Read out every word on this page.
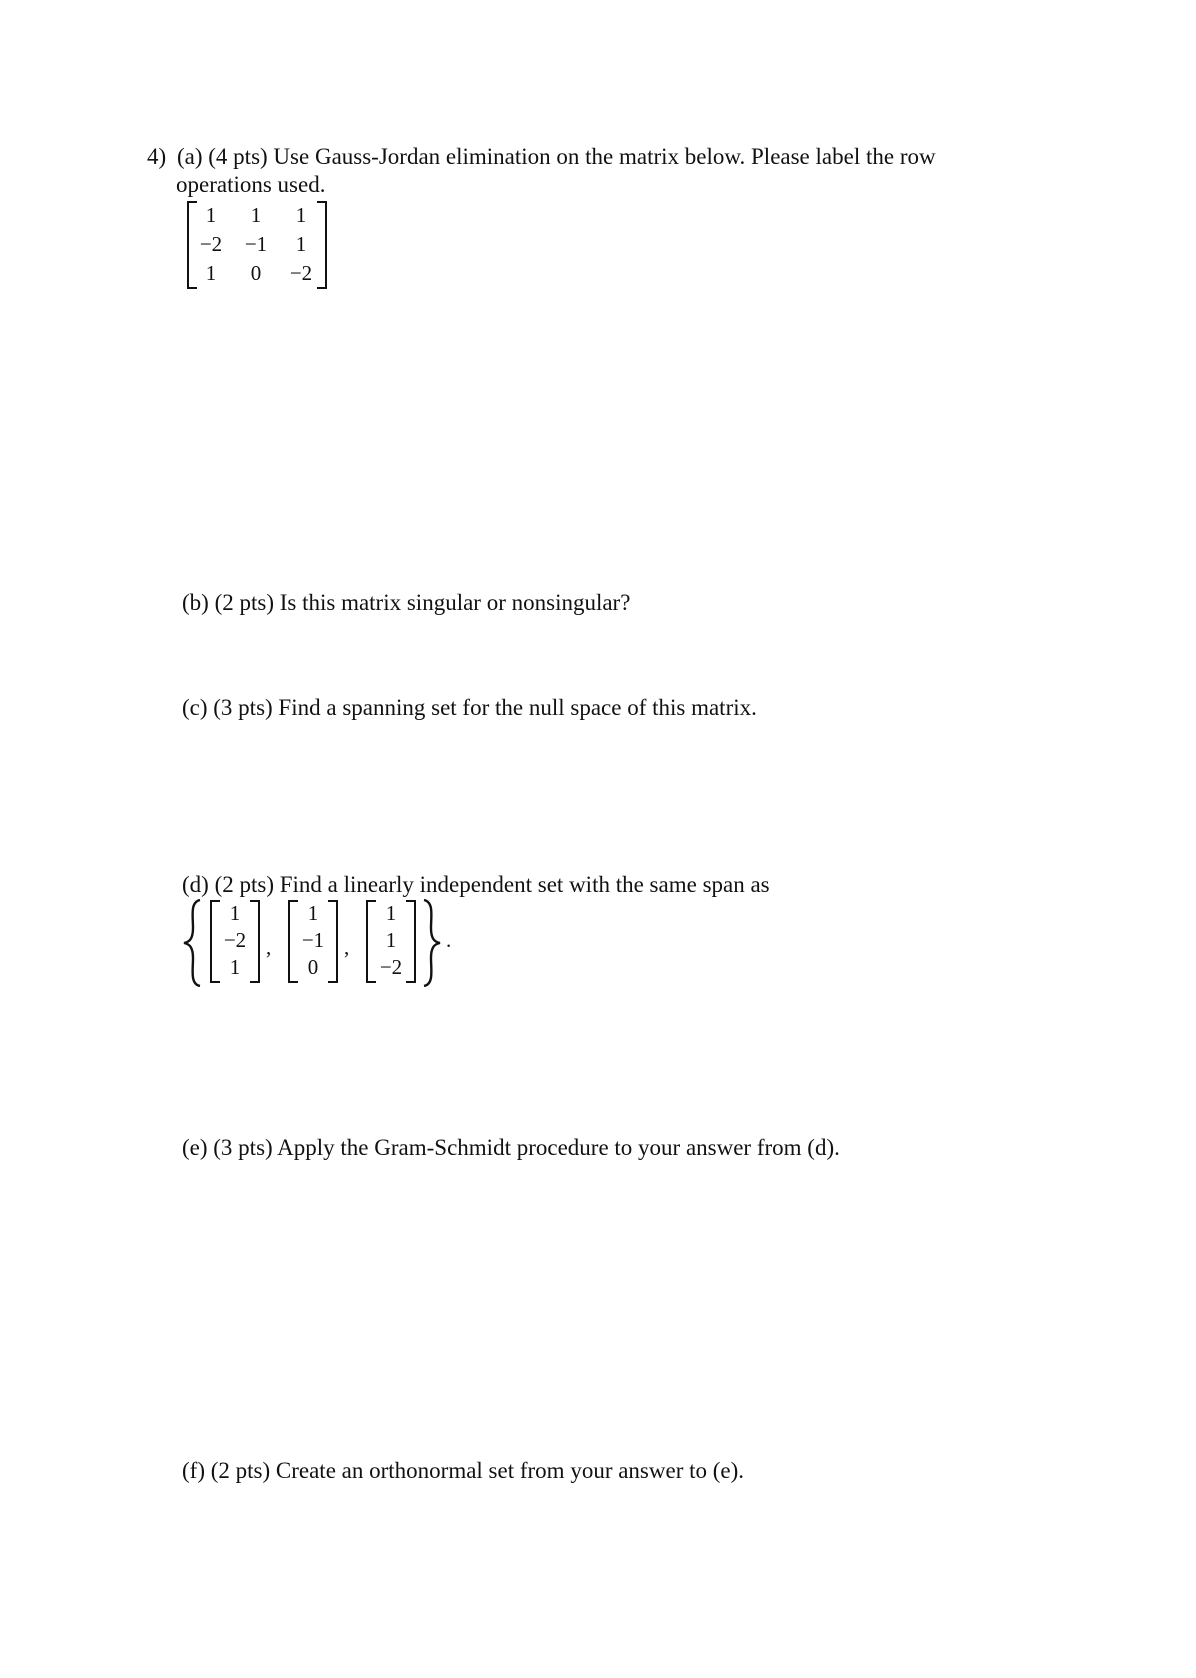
4) (a) (4 pts) Use Gauss-Jordan elimination on the matrix below. Please label the row
operations used.
1	1	1
−2	−1	1
1	0	−2
(b) (2 pts) Is this matrix singular or nonsingular?
(c) (3 pts) Find a spanning set for the null space of this matrix.
(d) (2 pts) Find a linearly independent set with the same span as
1
−2
1
,
1
−1
0
,
1
1
−2
.
(e) (3 pts) Apply the Gram-Schmidt procedure to your answer from (d).
(f) (2 pts) Create an orthonormal set from your answer to (e).
